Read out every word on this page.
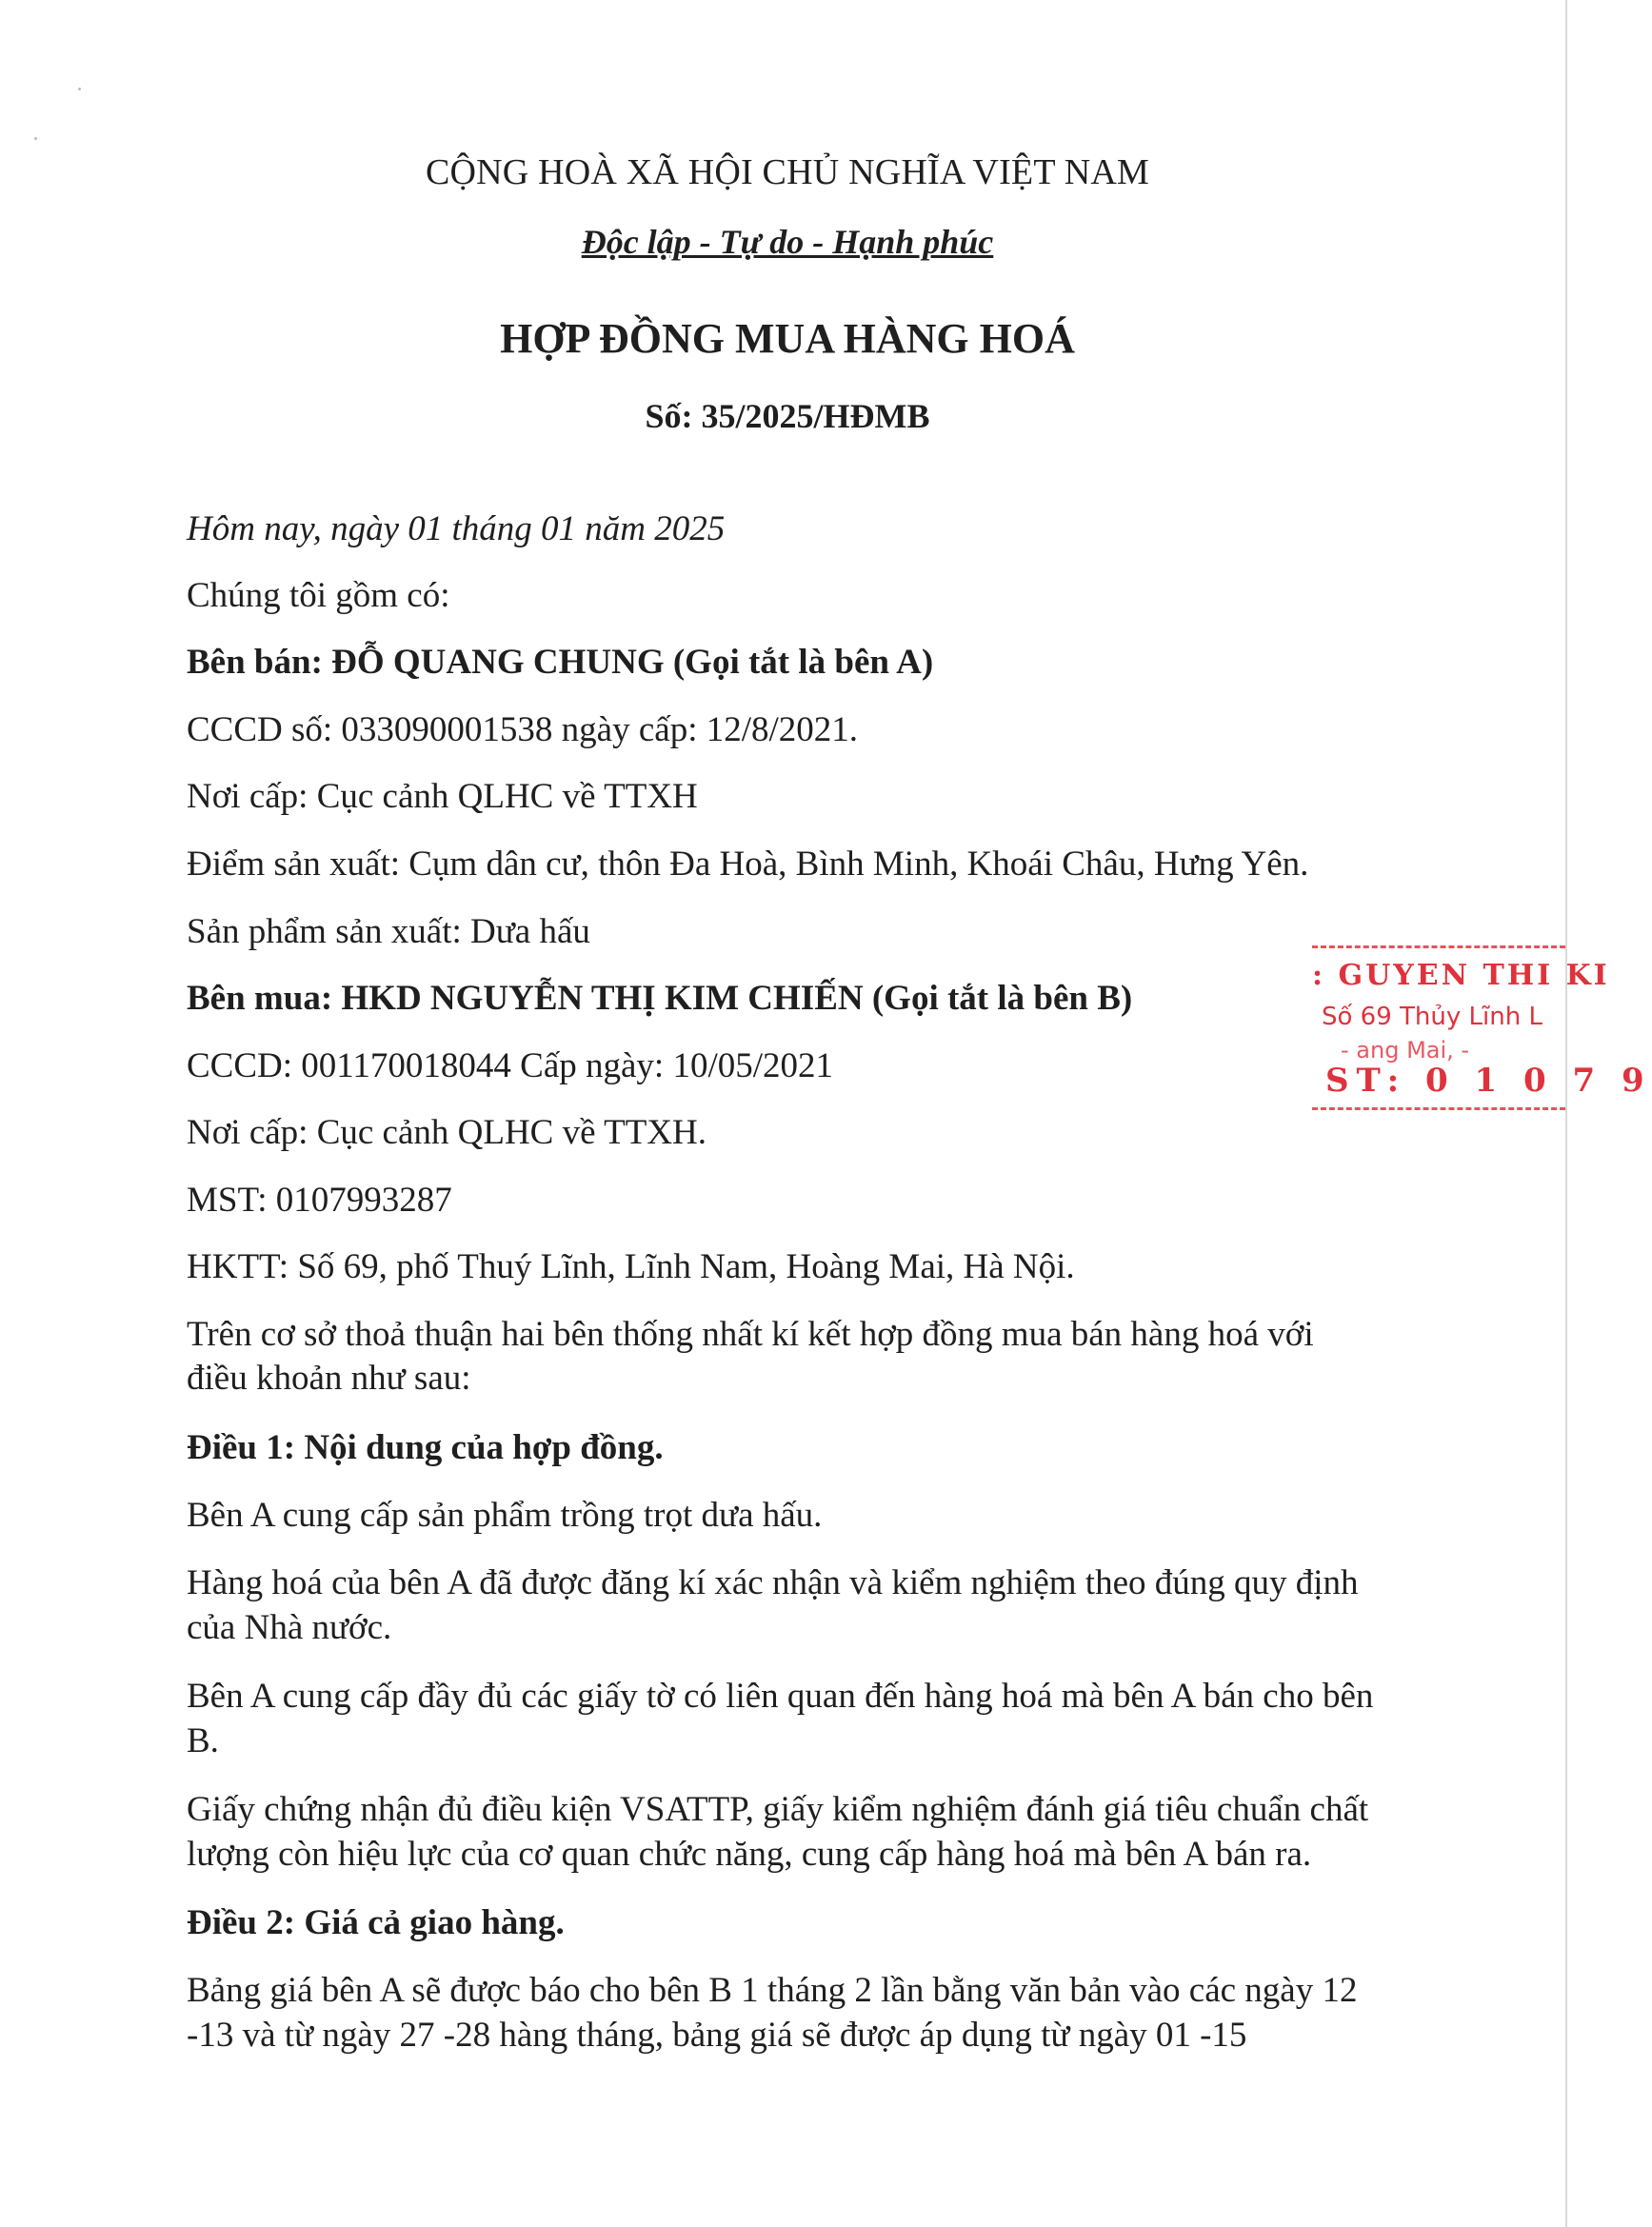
CỘNG HOÀ XÃ HỘI CHỦ NGHĨA VIỆT NAM
Độc lập - Tự do - Hạnh phúc
HỢP ĐỒNG MUA HÀNG HOÁ
Số: 35/2025/HĐMB
Hôm nay, ngày 01 tháng 01 năm 2025
Chúng tôi gồm có:
Bên bán: ĐỖ QUANG CHUNG (Gọi tắt là bên A)
CCCD số: 033090001538 ngày cấp: 12/8/2021.
Nơi cấp: Cục cảnh QLHC về TTXH
Điểm sản xuất: Cụm dân cư, thôn Đa Hoà, Bình Minh, Khoái Châu, Hưng Yên.
Sản phẩm sản xuất: Dưa hấu
Bên mua: HKD NGUYỄN THỊ KIM CHIẾN (Gọi tắt là bên B)
CCCD: 001170018044 Cấp ngày: 10/05/2021
Nơi cấp: Cục cảnh QLHC về TTXH.
MST: 0107993287
HKTT: Số 69, phố Thuý Lĩnh, Lĩnh Nam, Hoàng Mai, Hà Nội.
Trên cơ sở thoả thuận hai bên thống nhất kí kết hợp đồng mua bán hàng hoá với
điều khoản như sau:
Điều 1: Nội dung của hợp đồng.
Bên A cung cấp sản phẩm trồng trọt dưa hấu.
Hàng hoá của bên A đã được đăng kí xác nhận và kiểm nghiệm theo đúng quy định
của Nhà nước.
Bên A cung cấp đầy đủ các giấy tờ có liên quan đến hàng hoá mà bên A bán cho bên
B.
Giấy chứng nhận đủ điều kiện VSATTP, giấy kiểm nghiệm đánh giá tiêu chuẩn chất
lượng còn hiệu lực của cơ quan chức năng, cung cấp hàng hoá mà bên A bán ra.
Điều 2: Giá cả giao hàng.
Bảng giá bên A sẽ được báo cho bên B 1 tháng 2 lần bằng văn bản vào các ngày 12
-13 và từ ngày 27 -28 hàng tháng, bảng giá sẽ được áp dụng từ ngày 01 -15
: GUYEN THI KI
Số 69 Thủy Lĩnh L
- ang Mai, -
ST: 0 1 0 7 9
